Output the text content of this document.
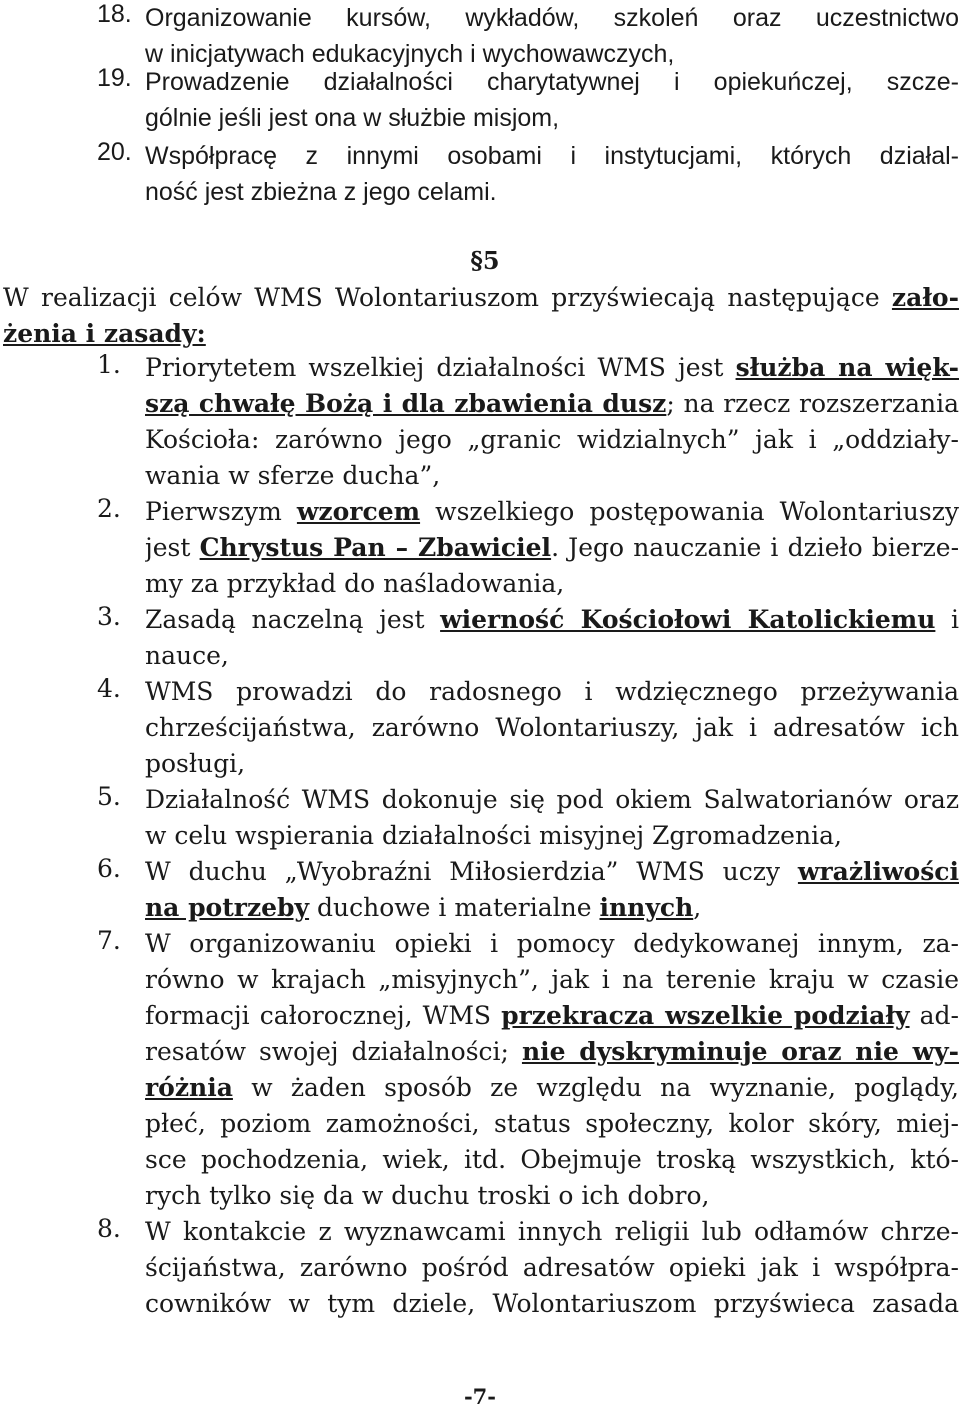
18. Organizowanie kursów, wykładów, szkoleń oraz uczestnictwo
w inicjatywach edukacyjnych i wychowawczych,
19. Prowadzenie działalności charytatywnej i opiekuńczej, szcze-
gólnie jeśli jest ona w służbie misjom,
20. Współpracę z innymi osobami i instytucjami, których działal-
ność jest zbieżna z jego celami.
§5
W realizacji celów WMS Wolontariuszom przyświecają następujące zało-
żenia i zasady:
1. Priorytetem wszelkiej działalności WMS jest służba na więk-
szą chwałę Bożą i dla zbawienia dusz; na rzecz rozszerzania
Kościoła: zarówno jego „granic widzialnych” jak i „oddziały-
wania w sferze ducha”,
2. Pierwszym wzorcem wszelkiego postępowania Wolontariuszy
jest Chrystus Pan – Zbawiciel. Jego nauczanie i dzieło bierze-
my za przykład do naśladowania,
3. Zasadą naczelną jest wierność Kościołowi Katolickiemu i
nauce,
4. WMS prowadzi do radosnego i wdzięcznego przeżywania
chrześcijaństwa, zarówno Wolontariuszy, jak i adresatów ich
posługi,
5. Działalność WMS dokonuje się pod okiem Salwatorianów oraz
w celu wspierania działalności misyjnej Zgromadzenia,
6. W duchu „Wyobraźni Miłosierdzia” WMS uczy wrażliwości
na potrzeby duchowe i materialne innych,
7. W organizowaniu opieki i pomocy dedykowanej innym, za-
równo w krajach „misyjnych”, jak i na terenie kraju w czasie
formacji całorocznej, WMS przekracza wszelkie podziały ad-
resatów swojej działalności; nie dyskryminuje oraz nie wy-
różnia w żaden sposób ze względu na wyznanie, poglądy,
płeć, poziom zamożności, status społeczny, kolor skóry, miej-
sce pochodzenia, wiek, itd. Obejmuje troską wszystkich, któ-
rych tylko się da w duchu troski o ich dobro,
8. W kontakcie z wyznawcami innych religii lub odłamów chrze-
ścijaństwa, zarówno pośród adresatów opieki jak i współpra-
cowników w tym dziele, Wolontariuszom przyświeca zasada
-7-
